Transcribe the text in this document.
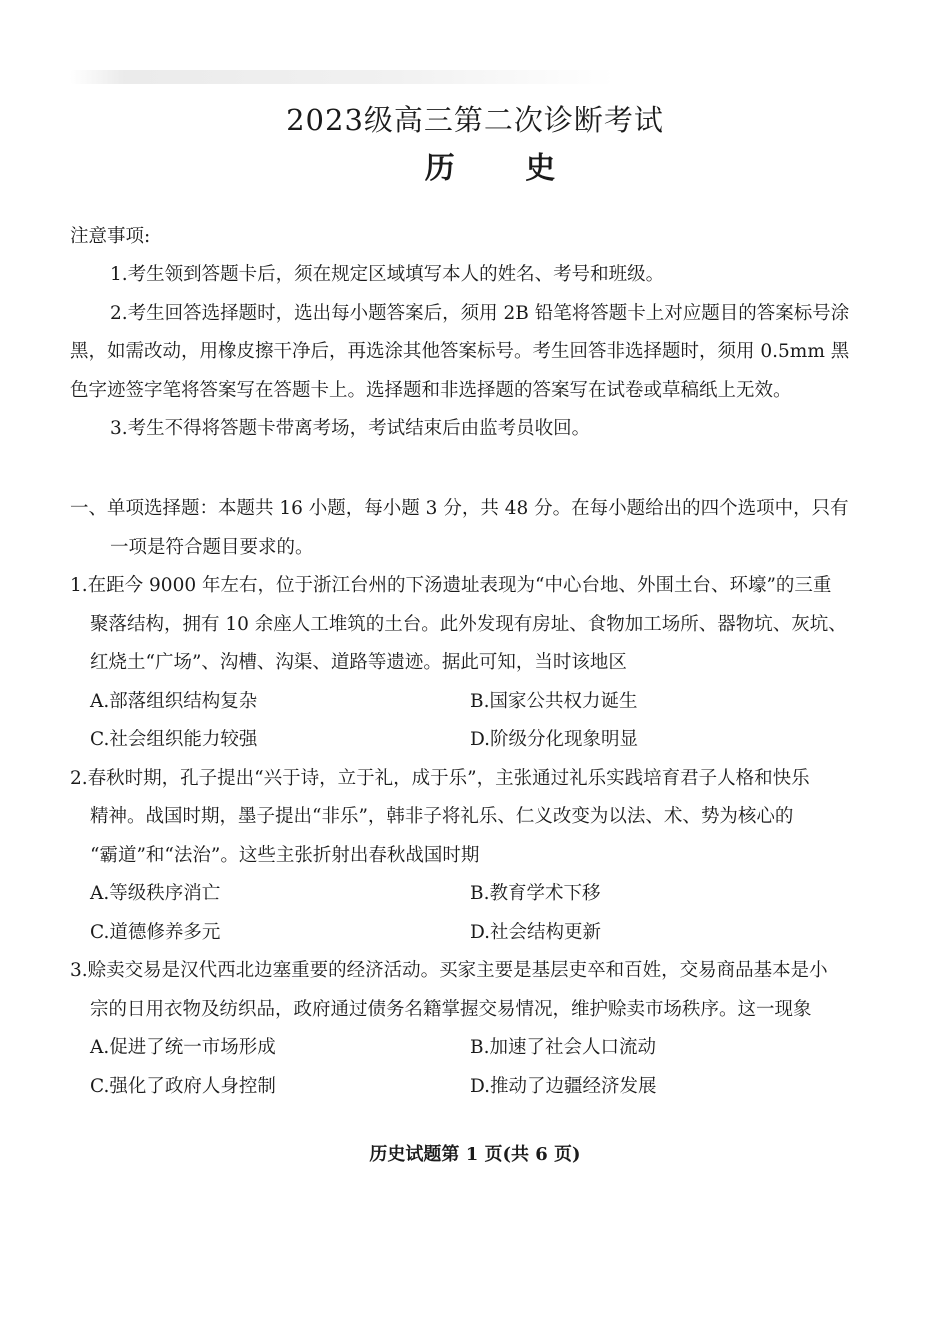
2023级高三第二次诊断考试
历 史
注意事项:
1.考生领到答题卡后，须在规定区域填写本人的姓名、考号和班级。
2.考生回答选择题时，选出每小题答案后，须用 2B 铅笔将答题卡上对应题目的答案标号涂
黑，如需改动，用橡皮擦干净后，再选涂其他答案标号。考生回答非选择题时，须用 0.5mm 黑
色字迹签字笔将答案写在答题卡上。选择题和非选择题的答案写在试卷或草稿纸上无效。
3.考生不得将答题卡带离考场，考试结束后由监考员收回。
一、单项选择题：本题共 16 小题，每小题 3 分，共 48 分。在每小题给出的四个选项中，只有
一项是符合题目要求的。
1.在距今 9000 年左右，位于浙江台州的下汤遗址表现为“中心台地、外围土台、环壕”的三重
聚落结构，拥有 10 余座人工堆筑的土台。此外发现有房址、食物加工场所、器物坑、灰坑、
红烧土“广场”、沟槽、沟渠、道路等遗迹。据此可知，当时该地区
A.部落组织结构复杂	B.国家公共权力诞生
C.社会组织能力较强	D.阶级分化现象明显
2.春秋时期，孔子提出“兴于诗，立于礼，成于乐”，主张通过礼乐实践培育君子人格和快乐
精神。战国时期，墨子提出“非乐”，韩非子将礼乐、仁义改变为以法、术、势为核心的
“霸道”和“法治”。这些主张折射出春秋战国时期
A.等级秩序消亡	B.教育学术下移
C.道德修养多元	D.社会结构更新
3.赊卖交易是汉代西北边塞重要的经济活动。买家主要是基层吏卒和百姓，交易商品基本是小
宗的日用衣物及纺织品，政府通过债务名籍掌握交易情况，维护赊卖市场秩序。这一现象
A.促进了统一市场形成	B.加速了社会人口流动
C.强化了政府人身控制	D.推动了边疆经济发展
历史试题第 1 页(共 6 页)
